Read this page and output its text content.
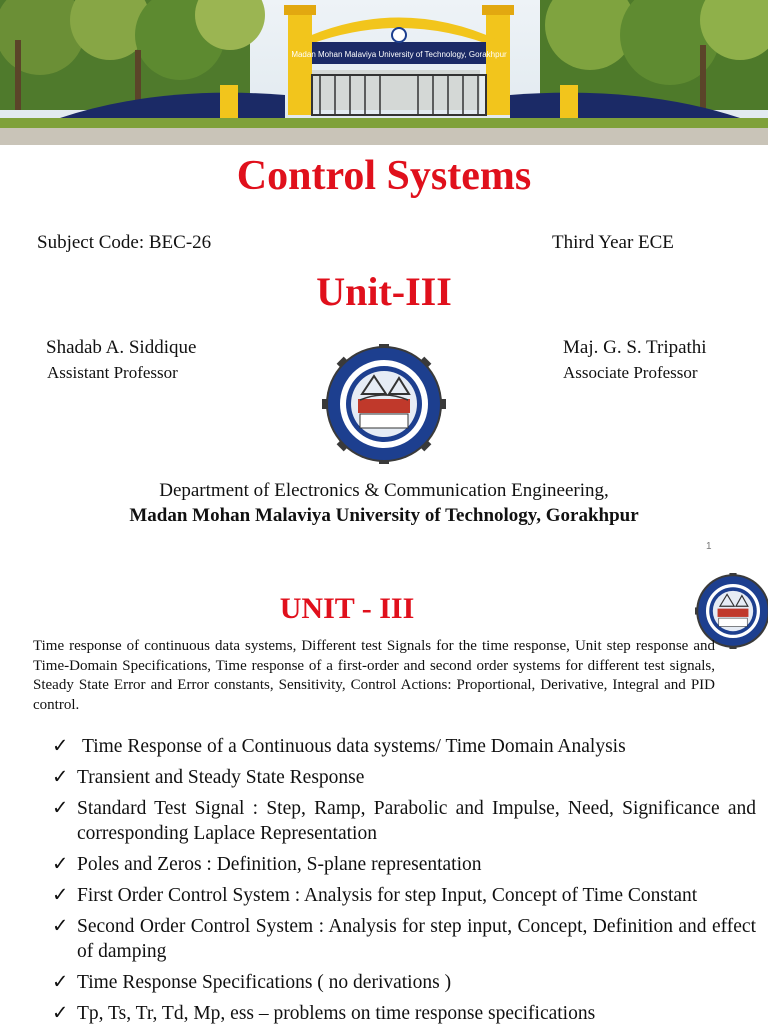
Madan Mohan Malaviya University of Technology, Gorakhpur
Control Systems
Subject Code: BEC-26	Third Year ECE
Unit-III
Shadab A. Siddique
Assistant Professor
Maj. G. S. Tripathi
Associate Professor
Department of Electronics & Communication Engineering,
Madan Mohan Malaviya University of Technology, Gorakhpur
1
UNIT - III
Time response of continuous data systems, Different test Signals for the time response, Unit step response and Time-Domain Specifications, Time response of a first-order and second order systems for different test signals, Steady State Error and Error constants, Sensitivity, Control Actions: Proportional, Derivative, Integral and PID control.
✓ Time Response of a Continuous data systems/ Time Domain Analysis
✓ Transient and Steady State Response
✓ Standard Test Signal : Step, Ramp, Parabolic and Impulse, Need, Significance and corresponding Laplace Representation
✓ Poles and Zeros : Definition, S-plane representation
✓ First Order Control System : Analysis for step Input, Concept of Time Constant
✓ Second Order Control System : Analysis for step input, Concept, Definition and effect of damping
✓ Time Response Specifications ( no derivations )
✓ Tp, Ts, Tr, Td, Mp, ess – problems on time response specifications
